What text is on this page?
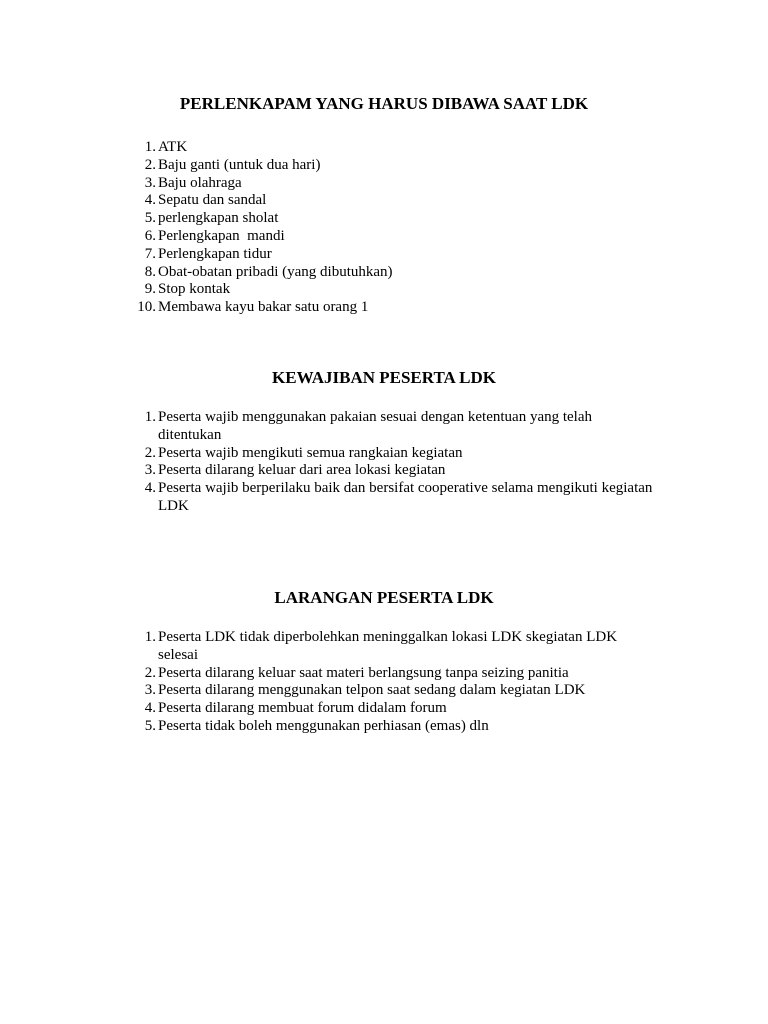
PERLENKAPAM YANG HARUS DIBAWA SAAT LDK
1. ATK
2. Baju ganti (untuk dua hari)
3. Baju olahraga
4. Sepatu dan sandal
5. perlengkapan sholat
6. Perlengkapan  mandi
7. Perlengkapan tidur
8. Obat-obatan pribadi (yang dibutuhkan)
9. Stop kontak
10. Membawa kayu bakar satu orang 1
KEWAJIBAN PESERTA LDK
1. Peserta wajib menggunakan pakaian sesuai dengan ketentuan yang telah ditentukan
2. Peserta wajib mengikuti semua rangkaian kegiatan
3. Peserta dilarang keluar dari area lokasi kegiatan
4. Peserta wajib berperilaku baik dan bersifat cooperative selama mengikuti kegiatan LDK
LARANGAN PESERTA LDK
1. Peserta LDK tidak diperbolehkan meninggalkan lokasi LDK skegiatan LDK selesai
2. Peserta dilarang keluar saat materi berlangsung tanpa seizing panitia
3. Peserta dilarang menggunakan telpon saat sedang dalam kegiatan LDK
4. Peserta dilarang membuat forum didalam forum
5. Peserta tidak boleh menggunakan perhiasan (emas) dln
